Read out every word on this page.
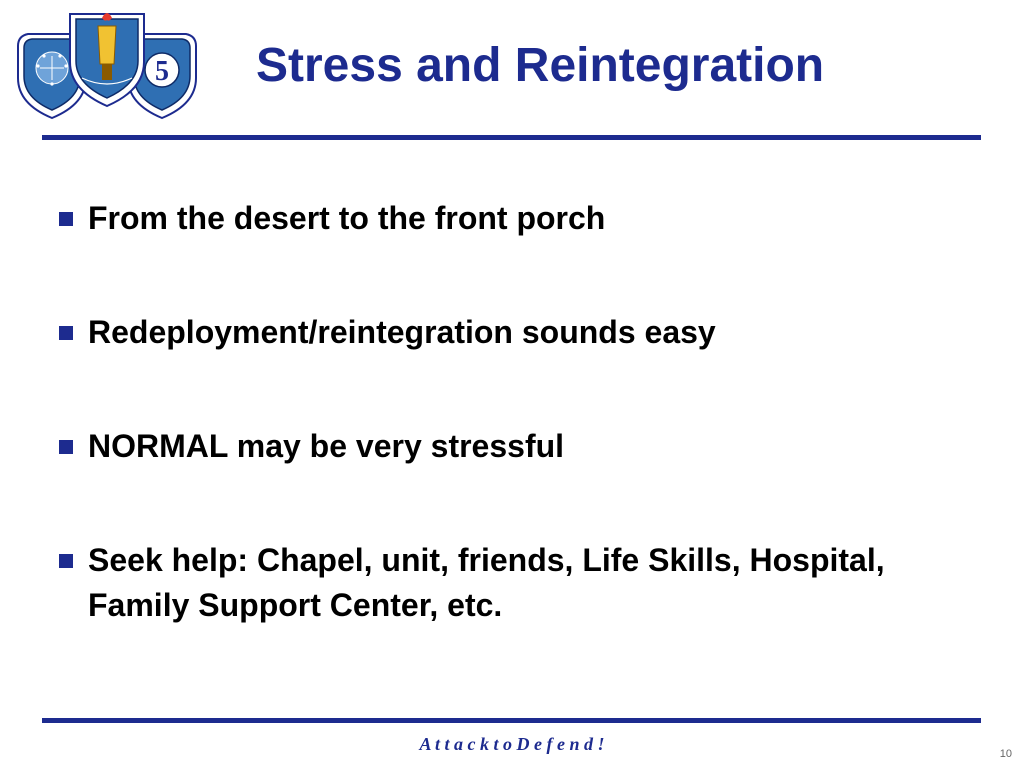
5 Stress and Reintegration
From the desert to the front porch
Redeployment/reintegration sounds easy
NORMAL may be very stressful
Seek help: Chapel, unit, friends, Life Skills, Hospital, Family Support Center, etc.
A t t a c k t o D e f e n d !	10
